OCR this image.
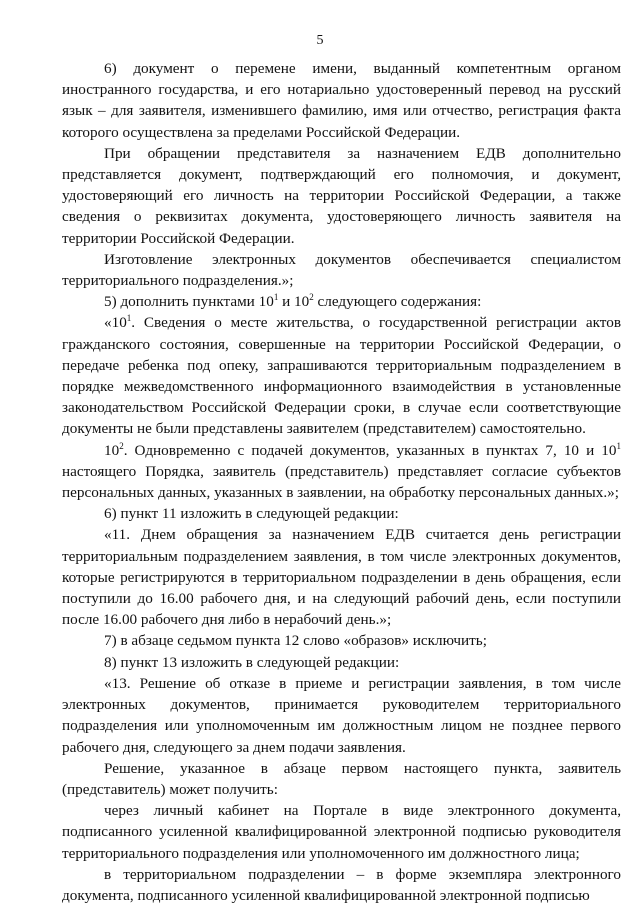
5

6) документ о перемене имени, выданный компетентным органом иностранного государства, и его нотариально удостоверенный перевод на русский язык – для заявителя, изменившего фамилию, имя или отчество, регистрация факта которого осуществлена за пределами Российской Федерации.

При обращении представителя за назначением ЕДВ дополнительно представляется документ, подтверждающий его полномочия, и документ, удостоверяющий его личность на территории Российской Федерации, а также сведения о реквизитах документа, удостоверяющего личность заявителя на территории Российской Федерации.

Изготовление электронных документов обеспечивается специалистом территориального подразделения.»;

5) дополнить пунктами $10^1$ и $10^2$ следующего содержания:

«$10^1$. Сведения о месте жительства, о государственной регистрации актов гражданского состояния, совершенные на территории Российской Федерации, о передаче ребенка под опеку, запрашиваются территориальным подразделением в порядке межведомственного информационного взаимодействия в установленные законодательством Российской Федерации сроки, в случае если соответствующие документы не были представлены заявителем (представителем) самостоятельно.

$10^2$. Одновременно с подачей документов, указанных в пунктах 7, 10 и $10^1$ настоящего Порядка, заявитель (представитель) представляет согласие субъектов персональных данных, указанных в заявлении, на обработку персональных данных.»;

6) пункт 11 изложить в следующей редакции:

«11. Днем обращения за назначением ЕДВ считается день регистрации территориальным подразделением заявления, в том числе электронных документов, которые регистрируются в территориальном подразделении в день обращения, если поступили до 16.00 рабочего дня, и на следующий рабочий день, если поступили после 16.00 рабочего дня либо в нерабочий день.»;

7) в абзаце седьмом пункта 12 слово «образов» исключить;

8) пункт 13 изложить в следующей редакции:

«13. Решение об отказе в приеме и регистрации заявления, в том числе электронных документов, принимается руководителем территориального подразделения или уполномоченным им должностным лицом не позднее первого рабочего дня, следующего за днем подачи заявления.

Решение, указанное в абзаце первом настоящего пункта, заявитель (представитель) может получить:

через личный кабинет на Портале в виде электронного документа, подписанного усиленной квалифицированной электронной подписью руководителя территориального подразделения или уполномоченного им должностного лица;

в территориальном подразделении – в форме экземпляра электронного документа, подписанного усиленной квалифицированной электронной подписью
